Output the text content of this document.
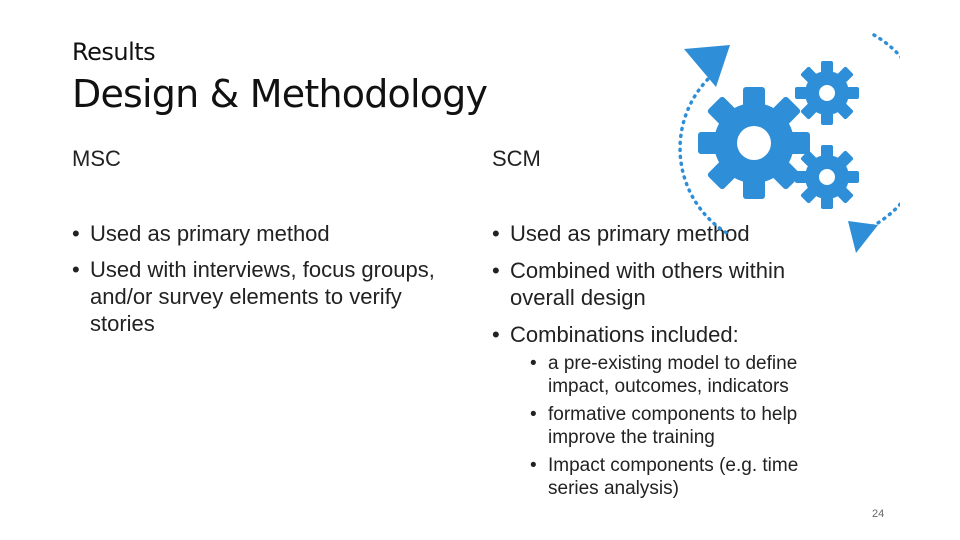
Results
Design & Methodology
MSC	SCM
• Used as primary method
• Used with interviews, focus groups, and/or survey elements to verify stories
• Used as primary method
• Combined with others within overall design
• Combinations included:
• a pre-existing model to define impact, outcomes, indicators
• formative components to help improve the training
• Impact components (e.g. time series analysis)
24
